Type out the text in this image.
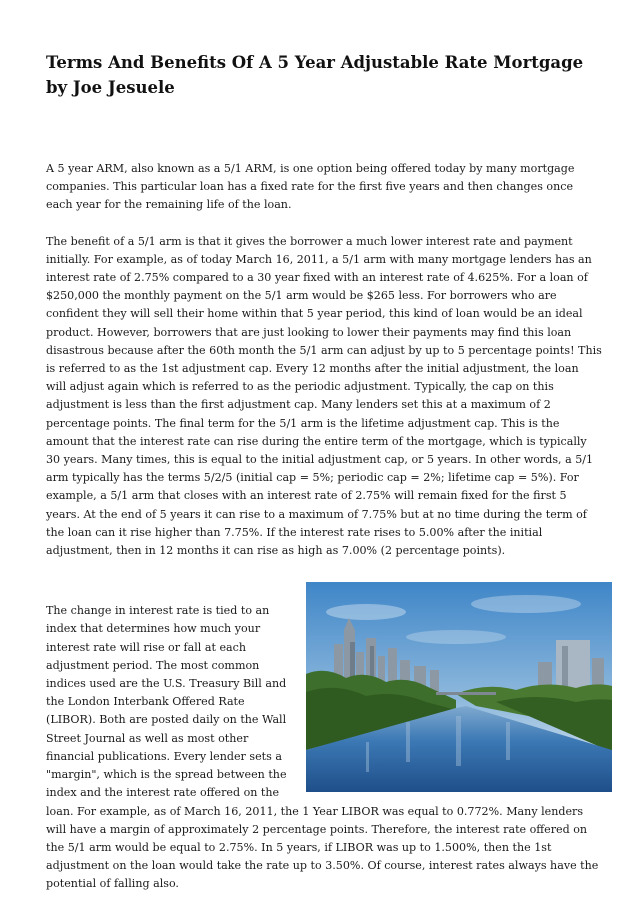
Terms And Benefits Of A 5 Year Adjustable Rate Mortgage by Joe Jesuele

A 5 year ARM, also known as a 5/1 ARM, is one option being offered today by many mortgage companies. This particular loan has a fixed rate for the first five years and then changes once each year for the remaining life of the loan.

The benefit of a 5/1 arm is that it gives the borrower a much lower interest rate and payment initially. For example, as of today March 16, 2011, a 5/1 arm with many mortgage lenders has an interest rate of 2.75% compared to a 30 year fixed with an interest rate of 4.625%. For a loan of $250,000 the monthly payment on the 5/1 arm would be $265 less. For borrowers who are confident they will sell their home within that 5 year period, this kind of loan would be an ideal product. However, borrowers that are just looking to lower their payments may find this loan disastrous because after the 60th month the 5/1 arm can adjust by up to 5 percentage points! This is referred to as the 1st adjustment cap. Every 12 months after the initial adjustment, the loan will adjust again which is referred to as the periodic adjustment. Typically, the cap on this adjustment is less than the first adjustment cap. Many lenders set this at a maximum of 2 percentage points. The final term for the 5/1 arm is the lifetime adjustment cap. This is the amount that the interest rate can rise during the entire term of the mortgage, which is typically 30 years. Many times, this is equal to the initial adjustment cap, or 5 years. In other words, a 5/1 arm typically has the terms 5/2/5 (initial cap = 5%; periodic cap = 2%; lifetime cap = 5%). For example, a 5/1 arm that closes with an interest rate of 2.75% will remain fixed for the first 5 years. At the end of 5 years it can rise to a maximum of 7.75% but at no time during the term of the loan can it rise higher than 7.75%. If the interest rate rises to 5.00% after the initial adjustment, then in 12 months it can rise as high as 7.00% (2 percentage points).

The change in interest rate is tied to an index that determines how much your interest rate will rise or fall at each adjustment period. The most common indices used are the U.S. Treasury Bill and the London Interbank Offered Rate (LIBOR). Both are posted daily on the Wall Street Journal as well as most other financial publications. Every lender sets a "margin", which is the spread between the index and the interest rate offered on the loan. For example, as of March 16, 2011, the 1 Year LIBOR was equal to 0.772%. Many lenders will have a margin of approximately 2 percentage points. Therefore, the interest rate offered on the 5/1 arm would be equal to 2.75%. In 5 years, if LIBOR was up to 1.500%, then the 1st adjustment on the loan would take the rate up to 3.50%. Of course, interest rates always have the potential of falling also.
